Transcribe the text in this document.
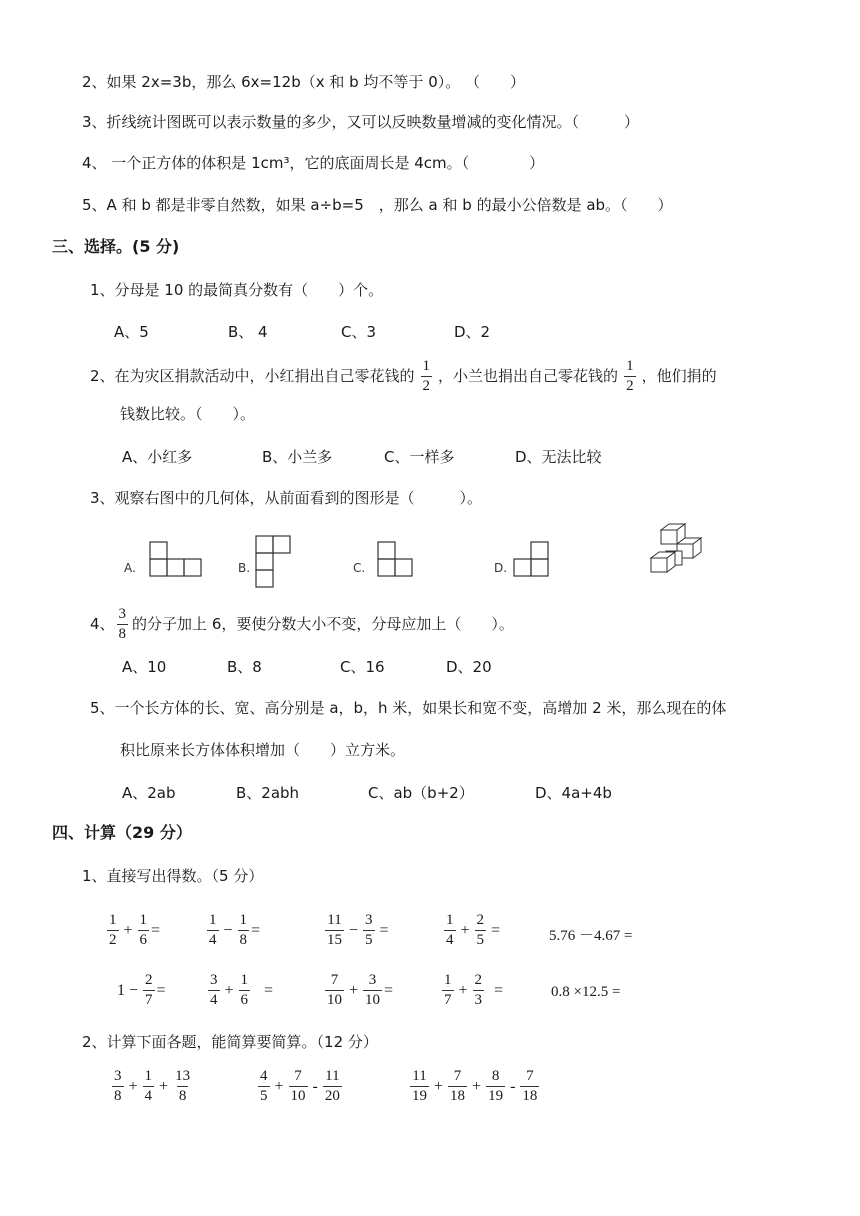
2、如果 2x=3b，那么 6x=12b（x 和 b 均不等于 0）。 （　　）
3、折线统计图既可以表示数量的多少，又可以反映数量增减的变化情况。（　　　）
4、 一个正方体的体积是 1cm³，它的底面周长是 4cm。（　　　　）
5、A 和 b 都是非零自然数，如果 a÷b=5　，那么 a 和 b 的最小公倍数是 ab。（　　）
三、选择。(5 分)
1、分母是 10 的最简真分数有（　　）个。
A、5	B、 4	C、3	D、2
2、在为灾区捐款活动中，小红捐出自己零花钱的 $\frac{1}{2}$ ，小兰也捐出自己零花钱的 $\frac{1}{2}$ ，他们捐的
钱数比较。（　　）。
A、小红多	B、小兰多	C、一样多	D、无法比较
3、观察右图中的几何体，从前面看到的图形是（　　　）。
A.	B.	C.	D.
4、 $\frac{3}{8}$ 的分子加上 6，要使分数大小不变，分母应加上（　　）。
A、10	B、8	C、16	D、20
5、一个长方体的长、宽、高分别是 a，b，h 米，如果长和宽不变，高增加 2 米，那么现在的体
积比原来长方体体积增加（　　）立方米。
A、2ab	B、2abh	C、ab（b+2）	D、4a+4b
四、计算（29 分）
1、直接写出得数。（5 分）
$\frac{1}{2} + \frac{1}{6}$ =	$\frac{1}{4} - \frac{1}{8}$ =	$\frac{11}{15} - \frac{3}{5}$ =	$\frac{1}{4} + \frac{2}{5}$ =	5.76 －4.67 =
$1 - \frac{2}{7}$ =	$\frac{3}{4} + \frac{1}{6}$ =	$\frac{7}{10} + \frac{3}{10}$ =	$\frac{1}{7} + \frac{2}{3}$ =	0.8 ×12.5 =
2、计算下面各题，能简算要简算。（12 分）
$\frac{3}{8} + \frac{1}{4} + \frac{13}{8}$	$\frac{4}{5} + \frac{7}{10} - \frac{11}{20}$	$\frac{11}{19} + \frac{7}{18} + \frac{8}{19} - \frac{7}{18}$
